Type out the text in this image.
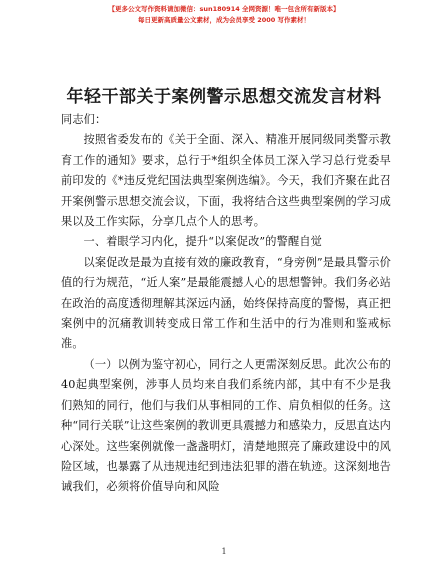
【更多公文写作资料请加微信：sun180914 全网资源！唯一包含所有新版本】
每日更新高质量公文素材，成为会员享受 2000 写作素材！
年轻干部关于案例警示思想交流发言材料

同志们：

按照省委发布的《关于全面、深入、精准开展同级同类警示教育工作的通知》要求，总行于*组织全体员工深入学习总行党委早前印发的《*违反党纪国法典型案例选编》。今天，我们齐聚在此召开案例警示思想交流会议，下面，我将结合这些典型案例的学习成果以及工作实际，分享几点个人的思考。

一、着眼学习内化，提升“以案促改”的警醒自觉

以案促改是最为直接有效的廉政教育，“身旁例”是最具警示价值的行为规范，“近人案”是最能震撼人心的思想警钟。我们务必站在政治的高度透彻理解其深远内涵，始终保持高度的警惕，真正把案例中的沉痛教训转变成日常工作和生活中的行为准则和鉴戒标准。

（一）以例为鉴守初心，同行之人更需深刻反思。此次公布的40起典型案例，涉事人员均来自我们系统内部，其中有不少是我们熟知的同行，他们与我们从事相同的工作、肩负相似的任务。这种“同行关联”让这些案例的教训更具震撼力和感染力，反思直达内心深处。这些案例就像一盏盏明灯，清楚地照亮了廉政建设中的风险区域，也暴露了从违规违纪到违法犯罪的潜在轨迹。这深刻地告诫我们，必须将价值导向和风险

1
